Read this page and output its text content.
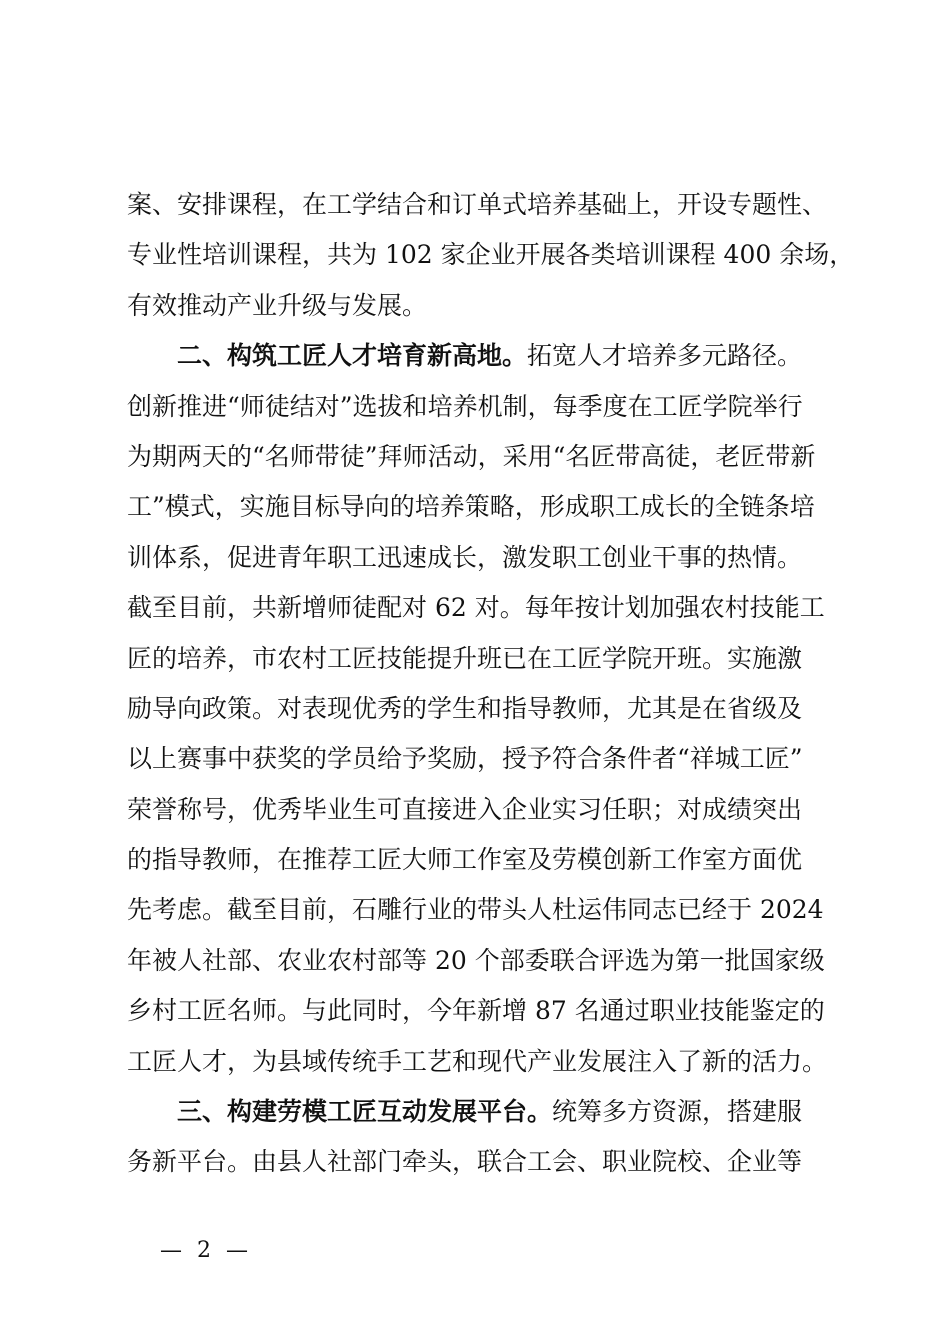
案、安排课程，在工学结合和订单式培养基础上，开设专题性、
专业性培训课程，共为 102 家企业开展各类培训课程 400 余场，
有效推动产业升级与发展。
二、构筑工匠人才培育新高地。拓宽人才培养多元路径。
创新推进“师徒结对”选拔和培养机制，每季度在工匠学院举行
为期两天的“名师带徒”拜师活动，采用“名匠带高徒，老匠带新
工”模式，实施目标导向的培养策略，形成职工成长的全链条培
训体系，促进青年职工迅速成长，激发职工创业干事的热情。
截至目前，共新增师徒配对 62 对。每年按计划加强农村技能工
匠的培养，市农村工匠技能提升班已在工匠学院开班。实施激
励导向政策。对表现优秀的学生和指导教师，尤其是在省级及
以上赛事中获奖的学员给予奖励，授予符合条件者“祥城工匠”
荣誉称号，优秀毕业生可直接进入企业实习任职；对成绩突出
的指导教师，在推荐工匠大师工作室及劳模创新工作室方面优
先考虑。截至目前，石雕行业的带头人杜运伟同志已经于 2024
年被人社部、农业农村部等 20 个部委联合评选为第一批国家级
乡村工匠名师。与此同时，今年新增 87 名通过职业技能鉴定的
工匠人才，为县域传统手工艺和现代产业发展注入了新的活力。
三、构建劳模工匠互动发展平台。统筹多方资源，搭建服
务新平台。由县人社部门牵头，联合工会、职业院校、企业等
— 2 —
